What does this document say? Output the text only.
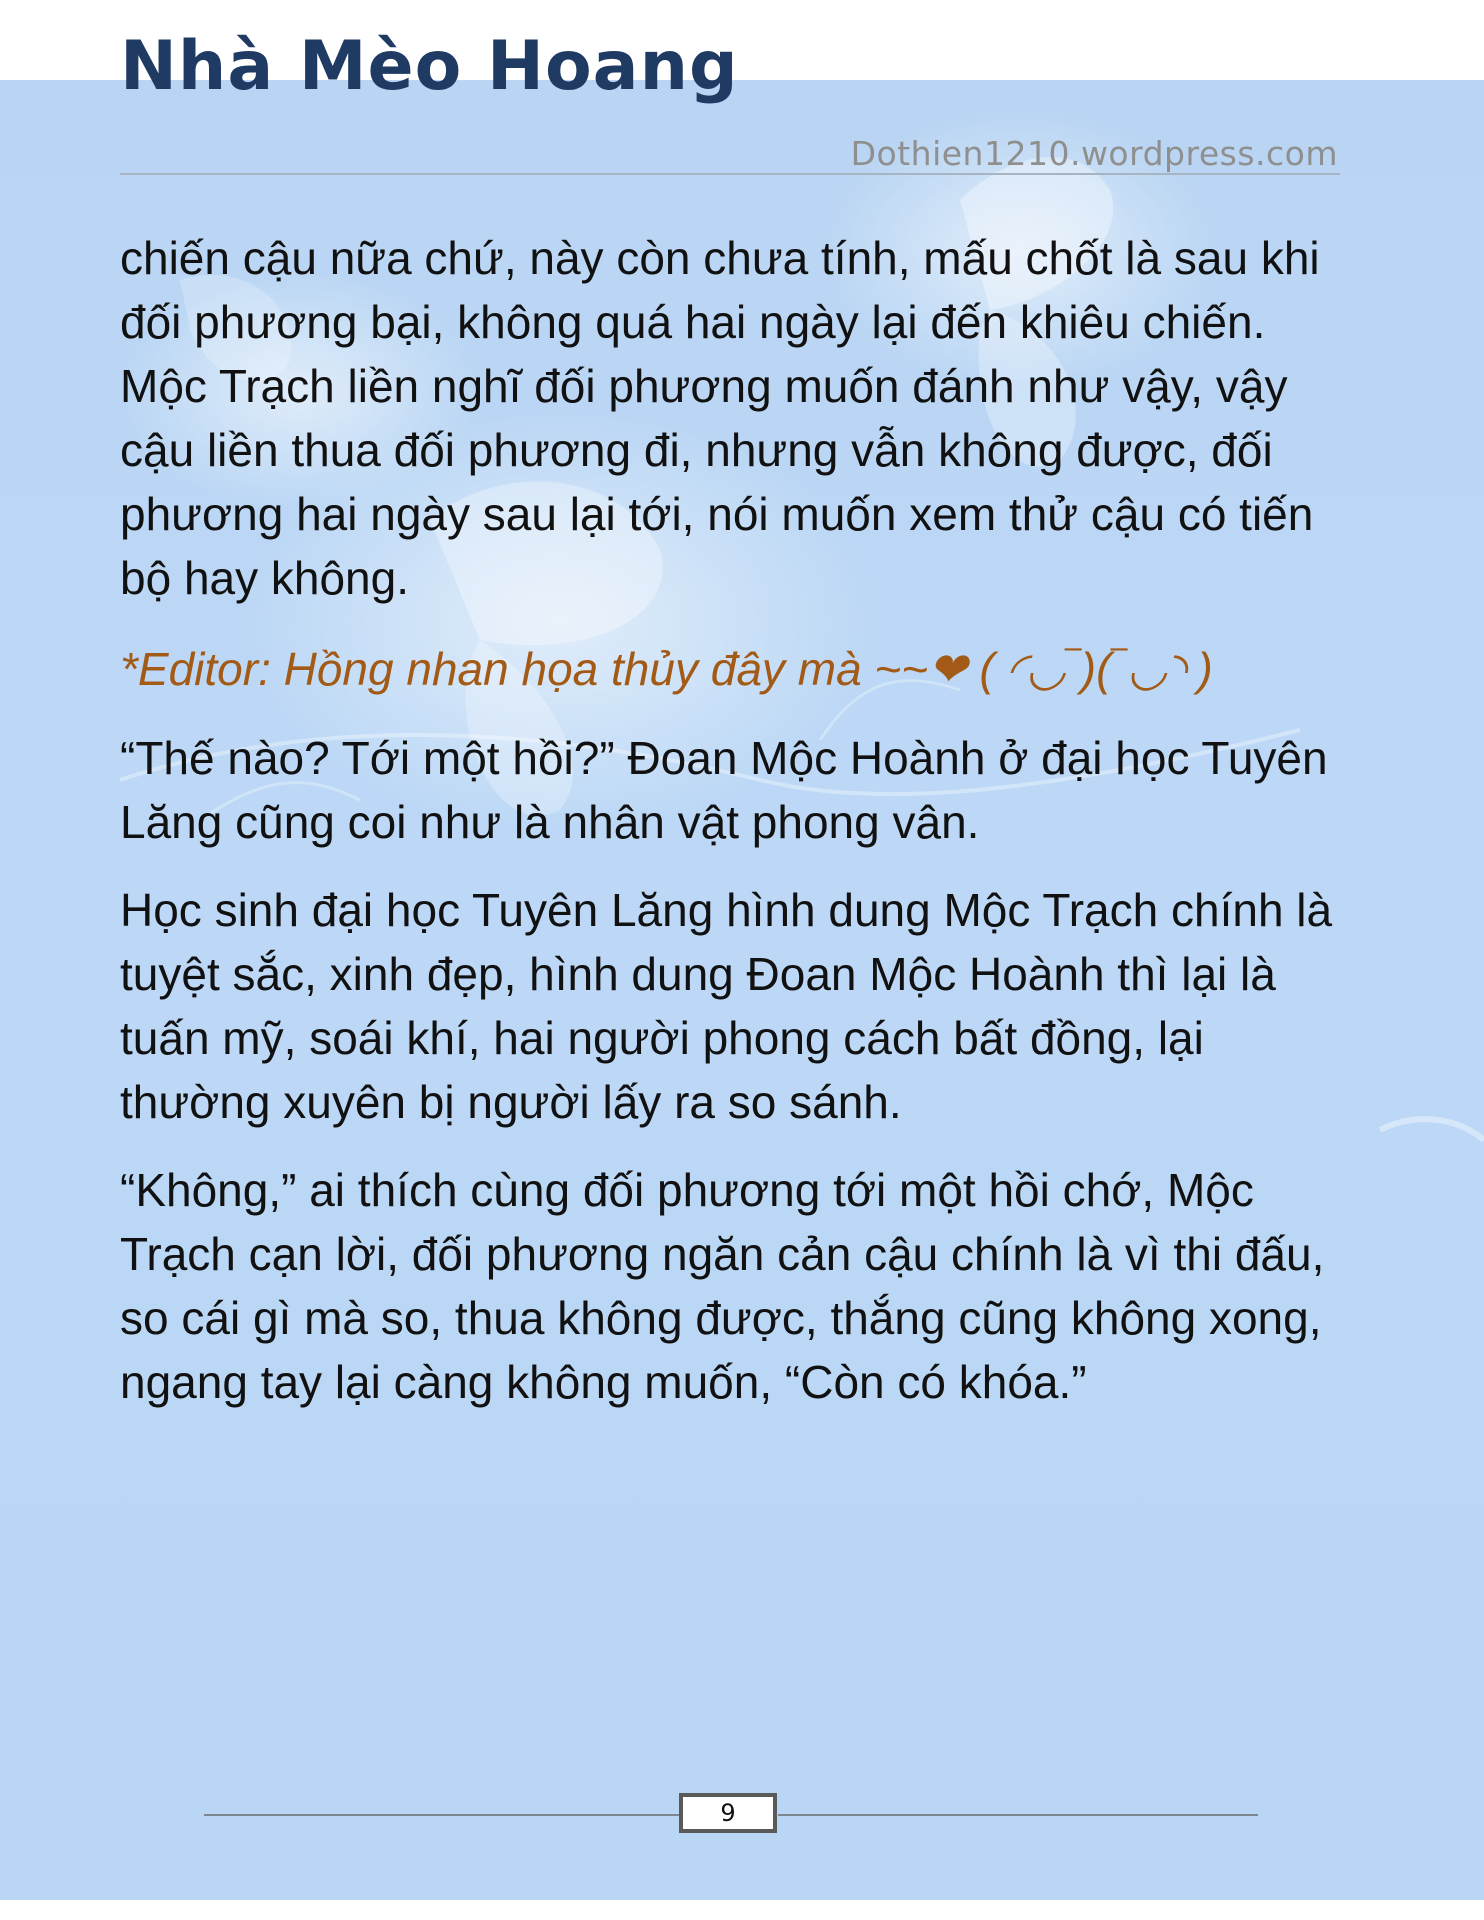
Nhà Mèo Hoang
Dothien1210.wordpress.com

chiến cậu nữa chứ, này còn chưa tính, mấu chốt là sau khi đối phương bại, không quá hai ngày lại đến khiêu chiến. Mộc Trạch liền nghĩ đối phương muốn đánh như vậy, vậy cậu liền thua đối phương đi, nhưng vẫn không được, đối phương hai ngày sau lại tới, nói muốn xem thử cậu có tiến bộ hay không.

*Editor: Hồng nhan họa thủy đây mà ~~❤ ( ◜◡‾)(‾◡◝ )

“Thế nào? Tới một hồi?” Đoan Mộc Hoành ở đại học Tuyên Lăng cũng coi như là nhân vật phong vân.

Học sinh đại học Tuyên Lăng hình dung Mộc Trạch chính là tuyệt sắc, xinh đẹp, hình dung Đoan Mộc Hoành thì lại là tuấn mỹ, soái khí, hai người phong cách bất đồng, lại thường xuyên bị người lấy ra so sánh.

“Không,” ai thích cùng đối phương tới một hồi chớ, Mộc Trạch cạn lời, đối phương ngăn cản cậu chính là vì thi đấu, so cái gì mà so, thua không được, thắng cũng không xong, ngang tay lại càng không muốn, “Còn có khóa.”

9
